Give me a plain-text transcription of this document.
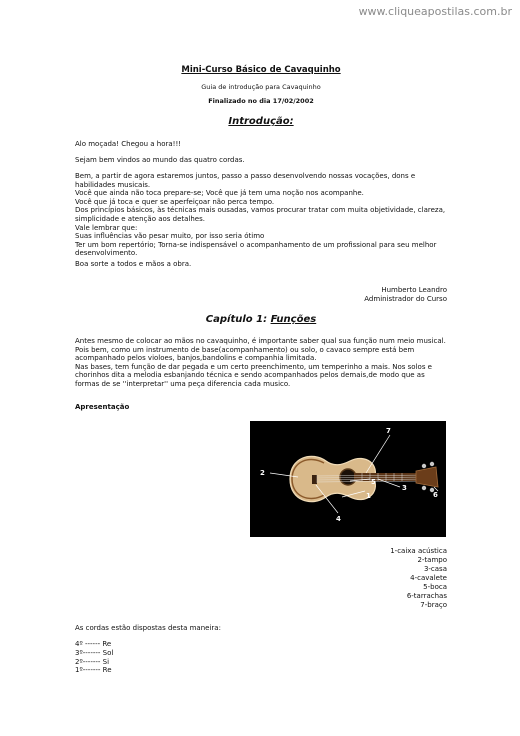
www.cliqueapostilas.com.br
Mini-Curso Básico de Cavaquinho
Guia de introdução para Cavaquinho
Finalizado no dia 17/02/2002
Introdução:
Alo moçada! Chegou a hora!!!
Sejam bem vindos ao mundo das quatro cordas.
Bem, a partir de agora estaremos juntos, passo a passo desenvolvendo nossas vocações, dons e habilidades musicais.
Você que ainda não toca prepare-se; Você que já tem uma noção nos acompanhe.
Você que já toca e quer se aperfeiçoar não perca tempo.
Dos princípios básicos, às técnicas mais ousadas, vamos procurar tratar com muita objetividade, clareza, simplicidade e atenção aos detalhes.
Vale lembrar que:
Suas influências vão pesar muito, por isso seria ótimo
Ter um bom repertório; Torna-se indispensável o acompanhamento de um profissional para seu melhor desenvolvimento.
Boa sorte a todos e mãos a obra.
Humberto Leandro
Administrador do Curso
Capítulo 1: Funções
Antes mesmo de colocar ao mãos no cavaquinho, é importante saber qual sua função num meio musical.
Pois bem, como um instrumento de base(acompanhamento) ou solo, o cavaco sempre está bem acompanhado pelos violoes, banjos,bandolins e companhia limitada.
Nas bases, tem função de dar pegada e um certo preenchimento, um temperinho a mais. Nos solos e chorinhos dita a melodia esbanjando técnica e sendo acompanhados pelos demais,de modo que as formas de se ''interpretar'' uma peça diferencia cada musico.
Apresentação
1
2
3
4
5
6
7
1-caixa acústica
2-tampo
3-casa
4-cavalete
5-boca
6-tarrachas
7-braço
As cordas estão dispostas desta maneira:
4º ------ Re
3º------- Sol
2º------- Si
1º------- Re
